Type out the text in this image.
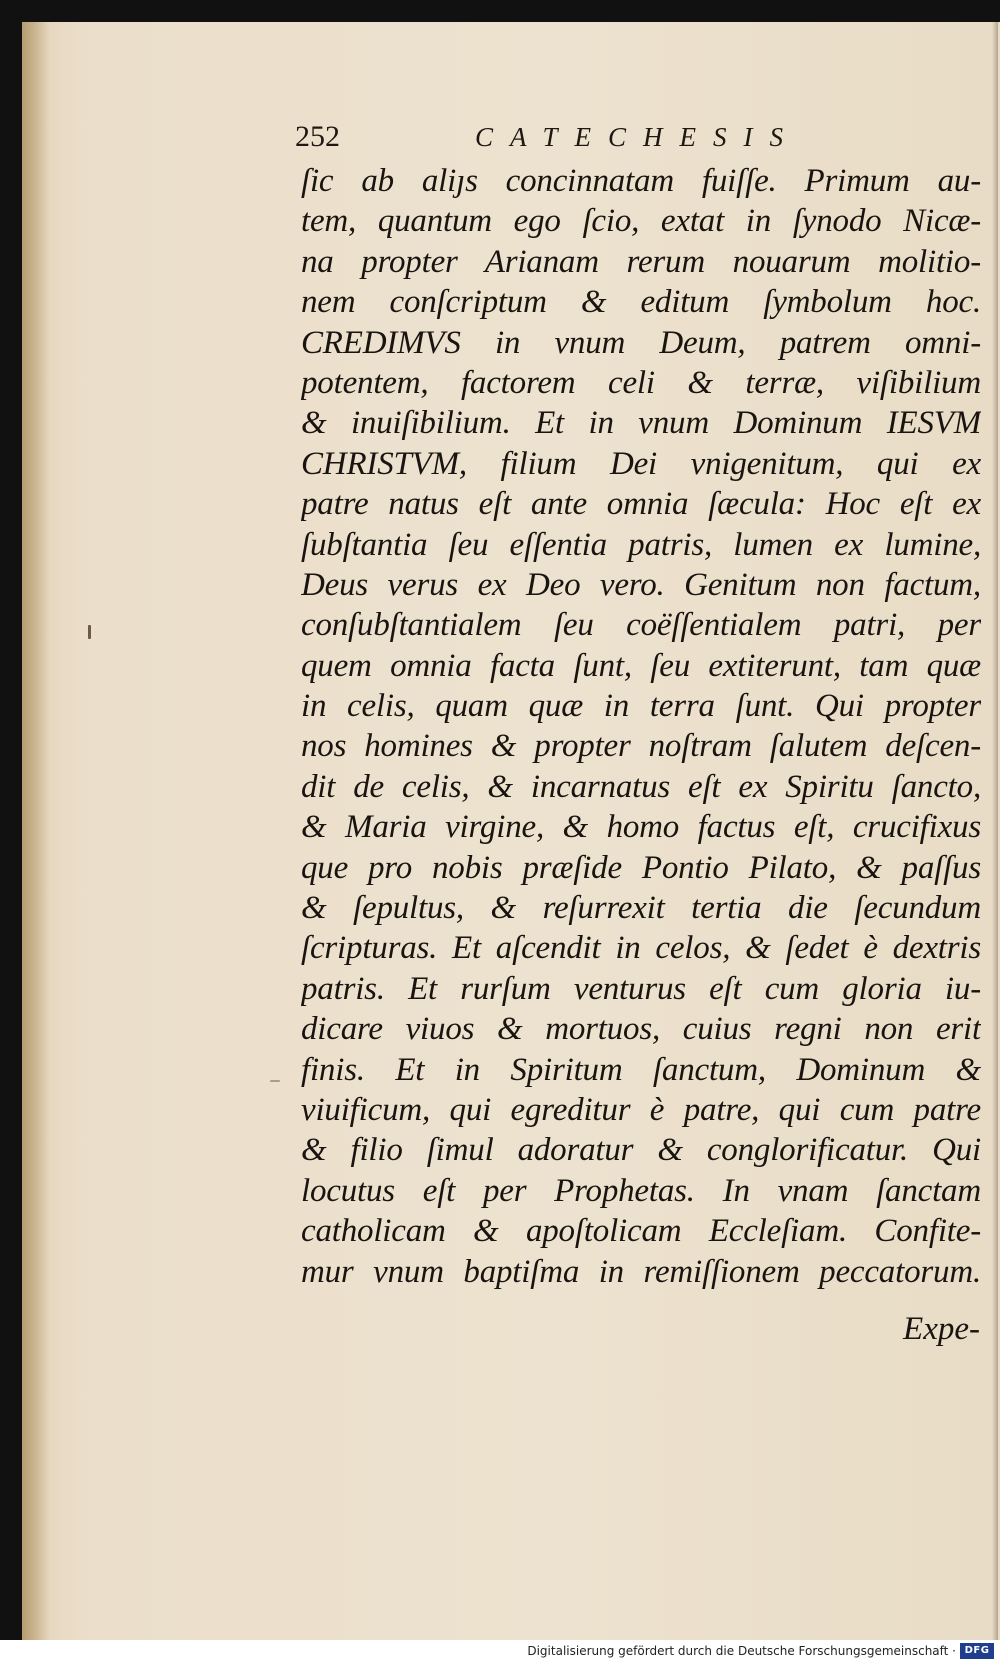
252	CATECHESIS
ſic ab aliȷs concinnatam fuiſſe. Primum au-
tem, quantum ego ſcio, extat in ſynodo Nicæ-
na propter Arianam rerum nouarum molitio-
nem conſcriptum & editum ſymbolum hoc.
CREDIMVS in vnum Deum, patrem omni-
potentem, factorem celi & terræ, viſibilium
& inuiſibilium. Et in vnum Dominum IESVM
CHRISTVM, filium Dei vnigenitum, qui ex
patre natus eſt ante omnia ſæcula: Hoc eſt ex
ſubſtantia ſeu eſſentia patris, lumen ex lumine,
Deus verus ex Deo vero. Genitum non factum,
conſubſtantialem ſeu coëſſentialem patri, per
quem omnia facta ſunt, ſeu extiterunt, tam quæ
in celis, quam quæ in terra ſunt. Qui propter
nos homines & propter noſtram ſalutem deſcen-
dit de celis, & incarnatus eſt ex Spiritu ſancto,
& Maria virgine, & homo factus eſt, crucifixus
que pro nobis præſide Pontio Pilato, & paſſus
& ſepultus, & reſurrexit tertia die ſecundum
ſcripturas. Et aſcendit in celos, & ſedet è dextris
patris. Et rurſum venturus eſt cum gloria iu-
dicare viuos & mortuos, cuius regni non erit
finis. Et in Spiritum ſanctum, Dominum &
viuificum, qui egreditur è patre, qui cum patre
& filio ſimul adoratur & conglorificatur. Qui
locutus eſt per Prophetas. In vnam ſanctam
catholicam & apoſtolicam Eccleſiam. Confite-
mur vnum baptiſma in remiſſionem peccatorum.
Expe-
Digitalisierung gefördert durch die Deutsche Forschungsgemeinschaft · DFG
